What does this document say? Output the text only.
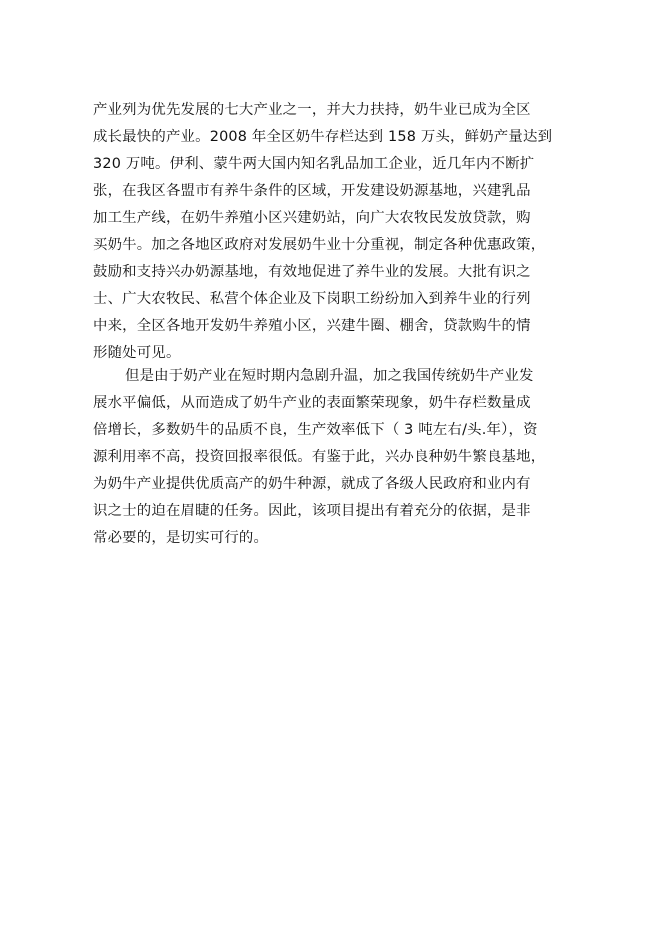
产业列为优先发展的七大产业之一，并大力扶持，奶牛业已成为全区
成长最快的产业。2008 年全区奶牛存栏达到 158 万头，鲜奶产量达到
320 万吨。伊利、蒙牛两大国内知名乳品加工企业，近几年内不断扩
张，在我区各盟市有养牛条件的区域，开发建设奶源基地，兴建乳品
加工生产线，在奶牛养殖小区兴建奶站，向广大农牧民发放贷款，购
买奶牛。加之各地区政府对发展奶牛业十分重视，制定各种优惠政策，
鼓励和支持兴办奶源基地，有效地促进了养牛业的发展。大批有识之
士、广大农牧民、私营个体企业及下岗职工纷纷加入到养牛业的行列
中来，全区各地开发奶牛养殖小区，兴建牛圈、棚舍，贷款购牛的情
形随处可见。
但是由于奶产业在短时期内急剧升温，加之我国传统奶牛产业发
展水平偏低，从而造成了奶牛产业的表面繁荣现象，奶牛存栏数量成
倍增长，多数奶牛的品质不良，生产效率低下（ 3 吨左右/头.年），资
源利用率不高，投资回报率很低。有鉴于此，兴办良种奶牛繁良基地，
为奶牛产业提供优质高产的奶牛种源，就成了各级人民政府和业内有
识之士的迫在眉睫的任务。因此，该项目提出有着充分的依据，是非
常必要的，是切实可行的。
